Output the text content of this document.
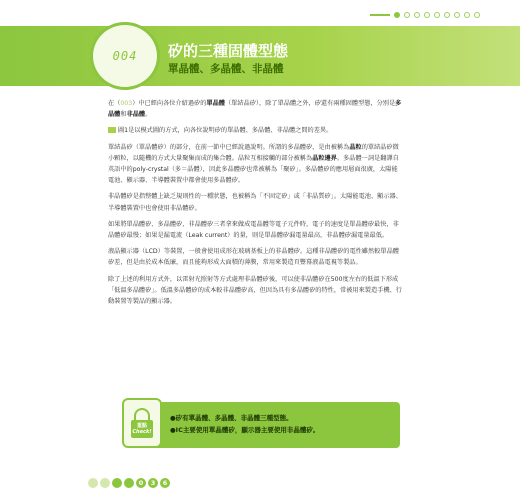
004 矽的三種固體型態
單晶體、多晶體、非晶體

在（003）中已經向各位介紹過矽的單晶體（單結晶矽），除了單晶體之外，矽還有兩種固體型態，分別是多晶體和非晶體。

圖1是以模式圖的方式，向各位說明矽的單晶體、多晶體、非晶體之間的差異。

單結晶矽（單晶體矽）的部分，在前一節中已經說過說明。所謂的多晶體矽，是由被稱為晶粒的單結晶矽微小顆粒，以隨機的方式大量聚集而成的集合體。晶粒互相接觸的部分被稱為晶粒邊界。多晶體一詞是翻譯自英語中的poly-crystal（多＝晶體），因此多晶體矽也常被稱為「聚矽」。多晶體矽的應用層面很廣，太陽能電池、顯示器、半導體裝置中都會使用多晶體矽。

非晶體矽是指整體上缺乏規則性的一種狀態，也被稱為「不固定矽」或「非晶質矽」。太陽能電池、顯示器、半導體裝置中也會使用非晶體矽。

如果將單晶體矽、多晶體矽、非晶體矽三者拿來做成電晶體等電子元件時，電子的速度是單晶體矽最快，非晶體矽最慢；如果是漏電流（Leak current）的量，則是單晶體矽漏電量最高，非晶體矽漏電量最低。

液晶顯示器（LCD）等裝置，一般會使用成形在玻璃基板上的非晶體矽。這種非晶體矽的電性雖然較單晶體矽差，但是由於成本低廉，而且能夠形成大面積的薄膜，常用來製造頁豐幕液晶電視等製品。

除了上述的利用方式外，以雷射光照射等方式處理非晶體矽後，可以使非晶體矽在500度左右的低溫下形成「低溫多晶體矽」。低溫多晶體矽的成本較非晶體矽高，但因為具有多晶體矽的特性，常被用來製造手機、行動裝置等製品的顯示器。

重點
Check!
●矽有單晶體、多晶體、非晶體三種型態。
●IC主要使用單晶體矽，顯示器主要使用非晶體矽。
0	3	6
